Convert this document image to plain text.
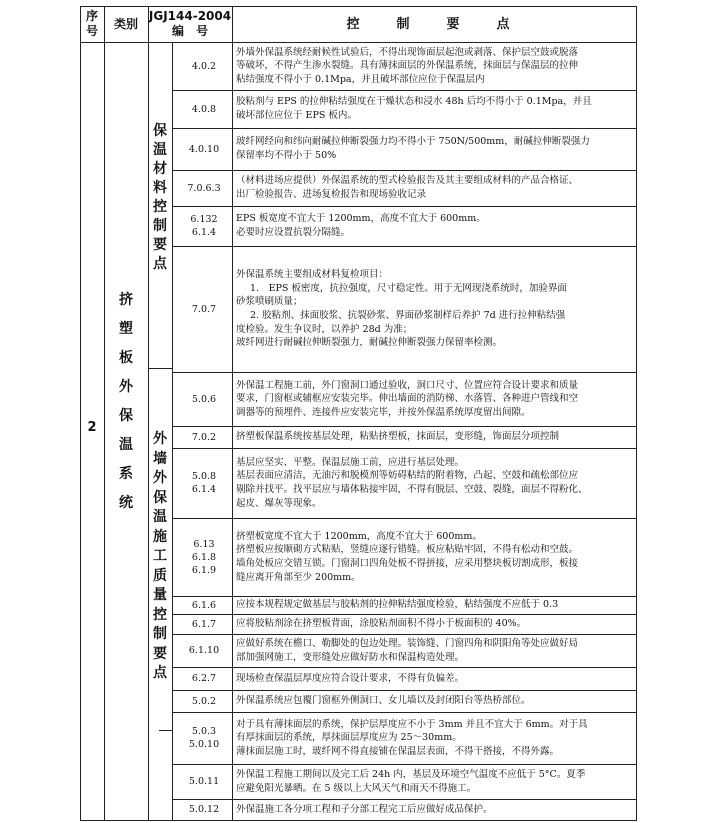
序
号
类别
JGJ144-2004
编　号	控　制　要　点
2
挤
塑
板
外
保
温
系
统
保
温
材
料
控
制
要
点
外
墙
外
保
温
施
工
质
量
控
制
要
点
4.0.2
外墙外保温系统经耐候性试验后，不得出现饰面层起泡或剥落、保护层空鼓或脱落
等破坏，不得产生渗水裂缝。具有薄抹面层的外保温系统，抹面层与保温层的拉伸
粘结强度不得小于 0.1Mpa，并且破坏部位应位于保温层内
4.0.8
胶粘剂与 EPS 的拉伸粘结强度在干燥状态和浸水 48h 后均不得小于 0.1Mpa，并且
破坏部位应位于 EPS 板内。
4.0.10
玻纤网经向和纬向耐碱拉伸断裂强力均不得小于 750N/500mm，耐碱拉伸断裂强力
保留率均不得小于 50%
7.0.6.3
（材料进场应提供）外保温系统的型式检验报告及其主要组成材料的产品合格证、
出厂检验报告、进场复检报告和现场验收记录
6.132
6.1.4
EPS 板宽度不宜大于 1200mm，高度不宜大于 600mm。
必要时应设置抗裂分隔缝。
7.0.7
外保温系统主要组成材料复检项目：
1.　EPS 板密度，抗拉强度，尺寸稳定性。用于无网现浇系统时，加验界面
砂浆喷刷质量；
2. 胶粘剂、抹面胶浆、抗裂砂浆、界面砂浆制样后养护 7d 进行拉伸粘结强
度检验。发生争议时，以养护 28d 为准；
玻纤网进行耐碱拉伸断裂强力，耐碱拉伸断裂强力保留率检测。
5.0.6
外保温工程施工前，外门窗洞口通过验收，洞口尺寸、位置应符合设计要求和质量
要求，门窗框或辅框应安装完毕。伸出墙面的消防梯、水落管、各种进户管线和空
调器等的预埋件、连接件应安装完毕，并按外保温系统厚度留出间隙。
7.0.2 挤塑板保温系统按基层处理，粘贴挤塑板，抹面层，变形缝，饰面层分项控制
5.0.8
6.1.4
基层应坚实、平整。保温层施工前，应进行基层处理。
基层表面应清洁，无油污和脱模剂等妨碍粘结的附着物，凸起、空鼓和疏松部位应
剔除并找平。找平层应与墙体粘接牢固，不得有脱层、空鼓、裂缝，面层不得粉化、
起皮、爆灰等现象。
6.13
6.1.8
6.1.9
挤塑板宽度不宜大于 1200mm，高度不宜大于 600mm。
挤塑板应按顺砌方式粘贴，竖缝应逐行错缝。板应粘贴牢固，不得有松动和空鼓。
墙角处板应交错互锁。门窗洞口四角处板不得拼接，应采用整块板切割成形，板接
缝应离开角部至少 200mm。
6.1.6 应按本规程规定做基层与胶粘剂的拉伸粘结强度检验，粘结强度不应低于 0.3
6.1.7 应将胶粘剂涂在挤塑板背面，涂胶粘剂面积不得小于板面积的 40%。
6.1.10
应做好系统在檐口、勒脚处的包边处理。装饰缝、门窗四角和阴阳角等处应做好局
部加强网施工，变形缝处应做好防水和保温构造处理。
6.2.7 现场检查保温层厚度应符合设计要求，不得有负偏差。
5.0.2 外保温系统应包覆门窗框外侧洞口、女儿墙以及封闭阳台等热桥部位。
5.0.3
5.0.10
对于具有薄抹面层的系统，保护层厚度应不小于 3mm 并且不宜大于 6mm。对于具
有厚抹面层的系统，厚抹面层厚度应为 25～30mm。
薄抹面层施工时，玻纤网不得直接铺在保温层表面，不得干搭接，不得外露。
5.0.11
外保温工程施工期间以及完工后 24h 内，基层及环境空气温度不应低于 5°C。夏季
应避免阳光暴晒。在 5 级以上大风天气和雨天不得施工。
5.0.12 外保温施工各分项工程和子分部工程完工后应做好成品保护。
